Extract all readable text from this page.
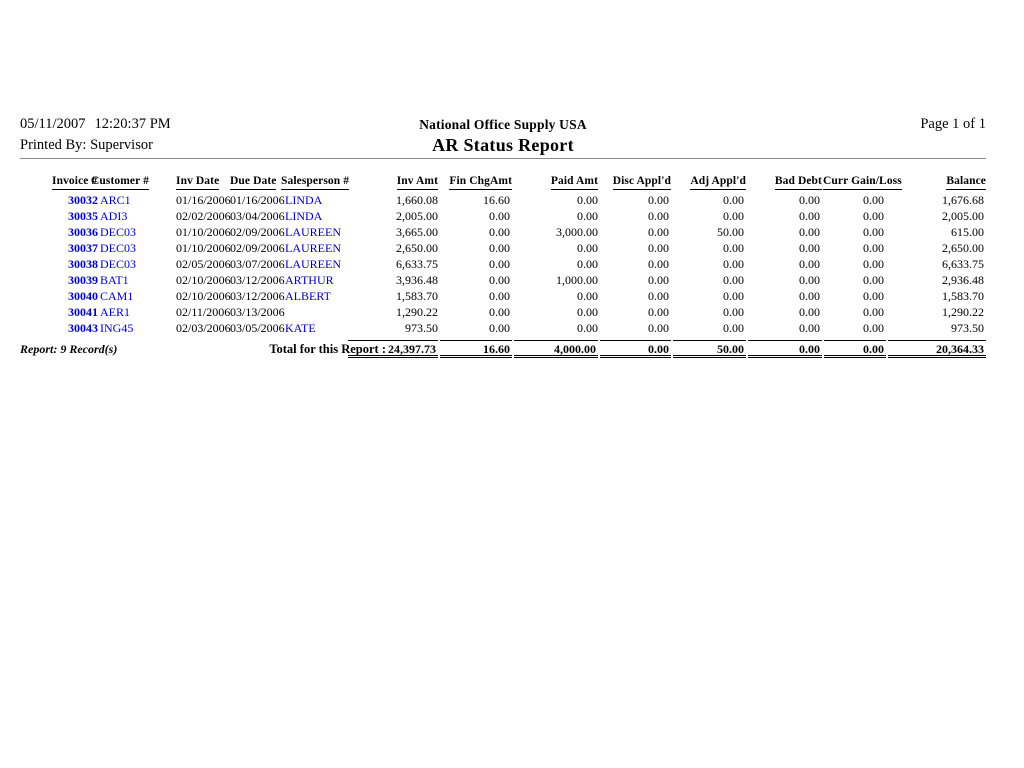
05/11/2007 12:20:37 PM
Printed By: Supervisor
National Office Supply USA
AR Status Report
Page 1 of 1
Invoice #
Customer # Inv Date Due Date Salesperson #	Inv Amt Fin ChgAmt	Paid Amt	Disc Appl'd	Adj Appl'd	Bad Debt Curr Gain/Loss	Balance
30032 ARC1	01/16/2006 01/16/2006 LINDA	1,660.08	16.60	0.00	0.00	0.00	0.00	0.00	1,676.68
30035 ADI3	02/02/2006 03/04/2006 LINDA	2,005.00	0.00	0.00	0.00	0.00	0.00	0.00	2,005.00
30036 DEC03	01/10/2006 02/09/2006 LAUREEN	3,665.00	0.00	3,000.00	0.00	50.00	0.00	0.00	615.00
30037 DEC03	01/10/2006 02/09/2006 LAUREEN	2,650.00	0.00	0.00	0.00	0.00	0.00	0.00	2,650.00
30038 DEC03	02/05/2006 03/07/2006 LAUREEN	6,633.75	0.00	0.00	0.00	0.00	0.00	0.00	6,633.75
30039 BAT1	02/10/2006 03/12/2006 ARTHUR	3,936.48	0.00	1,000.00	0.00	0.00	0.00	0.00	2,936.48
30040 CAM1	02/10/2006 03/12/2006 ALBERT	1,583.70	0.00	0.00	0.00	0.00	0.00	0.00	1,583.70
30041 AER1	02/11/2006 03/13/2006	1,290.22	0.00	0.00	0.00	0.00	0.00	0.00	1,290.22
30043 ING45	02/03/2006 03/05/2006 KATE	973.50	0.00	0.00	0.00	0.00	0.00	0.00	973.50
Report: 9 Record(s)	Total for this Report : 24,397.73	16.60	4,000.00	0.00	50.00	0.00	0.00	20,364.33
